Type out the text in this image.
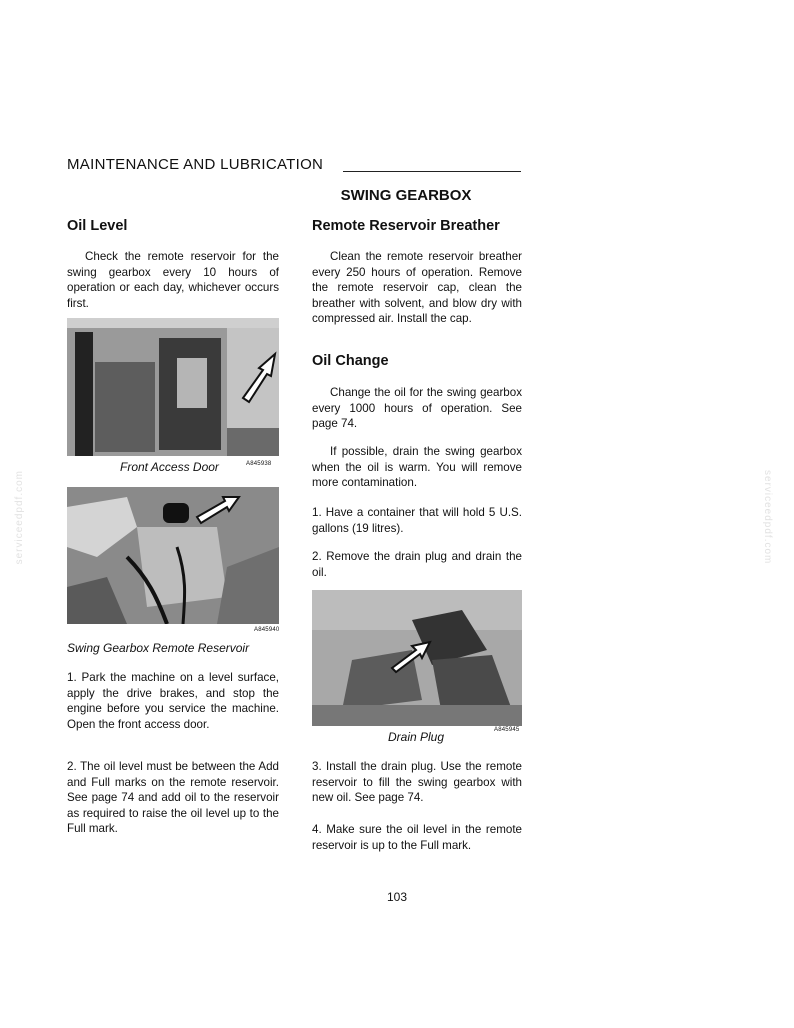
MAINTENANCE AND LUBRICATION
SWING GEARBOX
Oil Level
Check the remote reservoir for the swing gearbox every 10 hours of operation or each day, whichever occurs first.
Front Access Door	A845938
A845940
Swing Gearbox Remote Reservoir
1. Park the machine on a level surface, apply the drive brakes, and stop the engine before you service the machine. Open the front access door.
2. The oil level must be between the Add and Full marks on the remote reservoir. See page 74 and add oil to the reservoir as required to raise the oil level up to the Full mark.
Remote Reservoir Breather
Clean the remote reservoir breather every 250 hours of operation. Remove the remote reservoir cap, clean the breather with solvent, and blow dry with compressed air. Install the cap.
Oil Change
Change the oil for the swing gearbox every 1000 hours of operation. See page 74.
If possible, drain the swing gearbox when the oil is warm. You will remove more contamination.
1. Have a container that will hold 5 U.S. gallons (19 litres).
2. Remove the drain plug and drain the oil.
Drain Plug	A845945
3. Install the drain plug. Use the remote reservoir to fill the swing gearbox with new oil. See page 74.
4. Make sure the oil level in the remote reservoir is up to the Full mark.
103
serviceedpdf.com	serviceedpdf.com
